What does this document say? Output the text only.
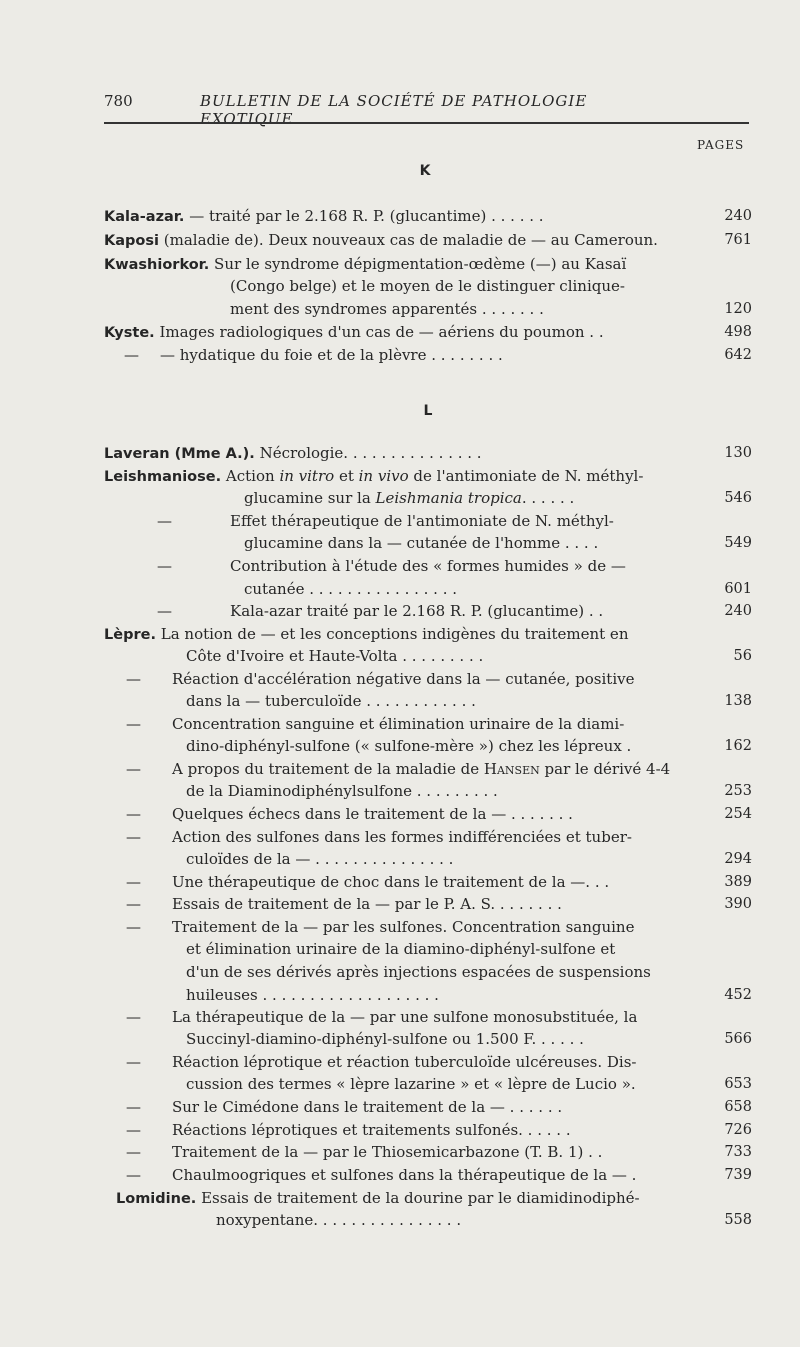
780	BULLETIN DE LA SOCIÉTÉ DE PATHOLOGIE EXOTIQUE
PAGES
K
Kala-azar. — traité par le 2.168 R. P. (glucantime) . . . . . .	240
Kaposi (maladie de). Deux nouveaux cas de maladie de — au Cameroun.	761
Kwashiorkor. Sur le syndrome dépigmentation-œdème (—) au Kasaï
(Congo belge) et le moyen de le distinguer clinique-
ment des syndromes apparentés . . . . . . .	120
Kyste. Images radiologiques d'un cas de — aériens du poumon . .	498
— — hydatique du foie et de la plèvre . . . . . . . .	642
L
Laveran (Mme A.). Nécrologie. . . . . . . . . . . . . . .	130
Leishmaniose. Action in vitro et in vivo de l'antimoniate de N. méthyl-
glucamine sur la Leishmania tropica. . . . . .	546
—	Effet thérapeutique de l'antimoniate de N. méthyl-
glucamine dans la — cutanée de l'homme . . . .	549
—	Contribution à l'étude des « formes humides » de —
cutanée . . . . . . . . . . . . . . . .	601
—	Kala-azar traité par le 2.168 R. P. (glucantime) . .	240
Lèpre. La notion de — et les conceptions indigènes du traitement en
Côte d'Ivoire et Haute-Volta . . . . . . . . .	56
— Réaction d'accélération négative dans la — cutanée, positive
dans la — tuberculoïde . . . . . . . . . . . .	138
— Concentration sanguine et élimination urinaire de la diami-
dino-diphényl-sulfone (« sulfone-mère ») chez les lépreux .	162
— A propos du traitement de la maladie de Hansen par le dérivé 4-4
de la Diaminodiphénylsulfone . . . . . . . . .	253
— Quelques échecs dans le traitement de la — . . . . . . .	254
— Action des sulfones dans les formes indifférenciées et tuber-
culoïdes de la — . . . . . . . . . . . . . . .	294
— Une thérapeutique de choc dans le traitement de la —. . .	389
— Essais de traitement de la — par le P. A. S. . . . . . . .	390
— Traitement de la — par les sulfones. Concentration sanguine
et élimination urinaire de la diamino-diphényl-sulfone et
d'un de ses dérivés après injections espacées de suspensions
huileuses . . . . . . . . . . . . . . . . . . .	452
— La thérapeutique de la — par une sulfone monosubstituée, la
Succinyl-diamino-diphényl-sulfone ou 1.500 F. . . . . .	566
— Réaction léprotique et réaction tuberculoïde ulcéreuses. Dis-
cussion des termes « lèpre lazarine » et « lèpre de Lucio ».	653
— Sur le Cimédone dans le traitement de la — . . . . . .	658
— Réactions léprotiques et traitements sulfonés. . . . . .	726
— Traitement de la — par le Thiosemicarbazone (T. B. 1) . .	733
— Chaulmoogriques et sulfones dans la thérapeutique de la — .	739
Lomidine. Essais de traitement de la dourine par le diamidinodiphé-
noxypentane. . . . . . . . . . . . . . . .	558
